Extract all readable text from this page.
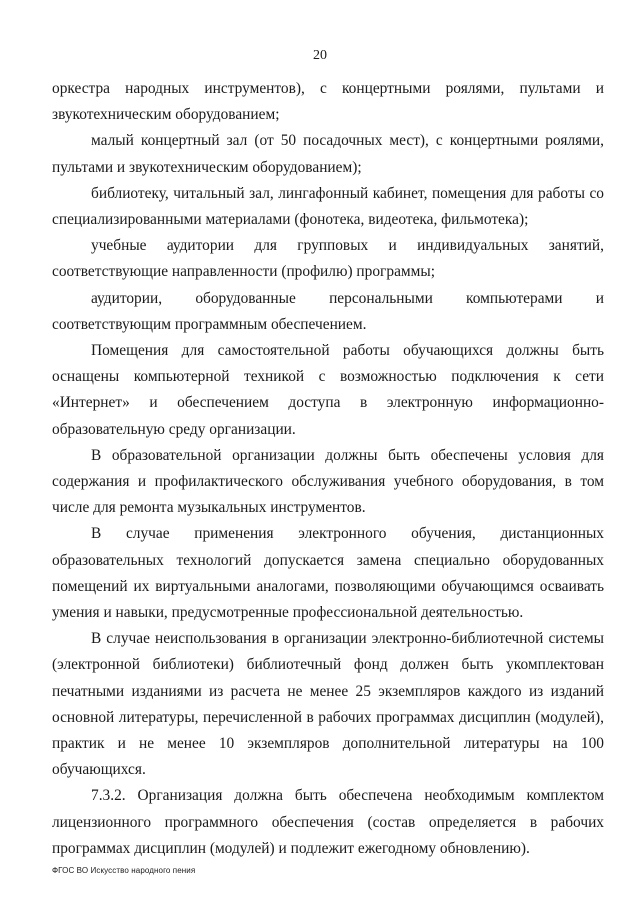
20

оркестра народных инструментов), с концертными роялями, пультами и звукотехническим оборудованием;

малый концертный зал (от 50 посадочных мест), с концертными роялями, пультами и звукотехническим оборудованием);

библиотеку, читальный зал, лингафонный кабинет, помещения для работы со специализированными материалами (фонотека, видеотека, фильмотека);

учебные аудитории для групповых и индивидуальных занятий, соответствующие направленности (профилю) программы;

аудитории, оборудованные персональными компьютерами и соответствующим программным обеспечением.

Помещения для самостоятельной работы обучающихся должны быть оснащены компьютерной техникой с возможностью подключения к сети «Интернет» и обеспечением доступа в электронную информационно-образовательную среду организации.

В образовательной организации должны быть обеспечены условия для содержания и профилактического обслуживания учебного оборудования, в том числе для ремонта музыкальных инструментов.

В случае применения электронного обучения, дистанционных образовательных технологий допускается замена специально оборудованных помещений их виртуальными аналогами, позволяющими обучающимся осваивать умения и навыки, предусмотренные профессиональной деятельностью.

В случае неиспользования в организации электронно-библиотечной системы (электронной библиотеки) библиотечный фонд должен быть укомплектован печатными изданиями из расчета не менее 25 экземпляров каждого из изданий основной литературы, перечисленной в рабочих программах дисциплин (модулей), практик и не менее 10 экземпляров дополнительной литературы на 100 обучающихся.

7.3.2. Организация должна быть обеспечена необходимым комплектом лицензионного программного обеспечения (состав определяется в рабочих программах дисциплин (модулей) и подлежит ежегодному обновлению).

ФГОС ВО Искусство народного пения
